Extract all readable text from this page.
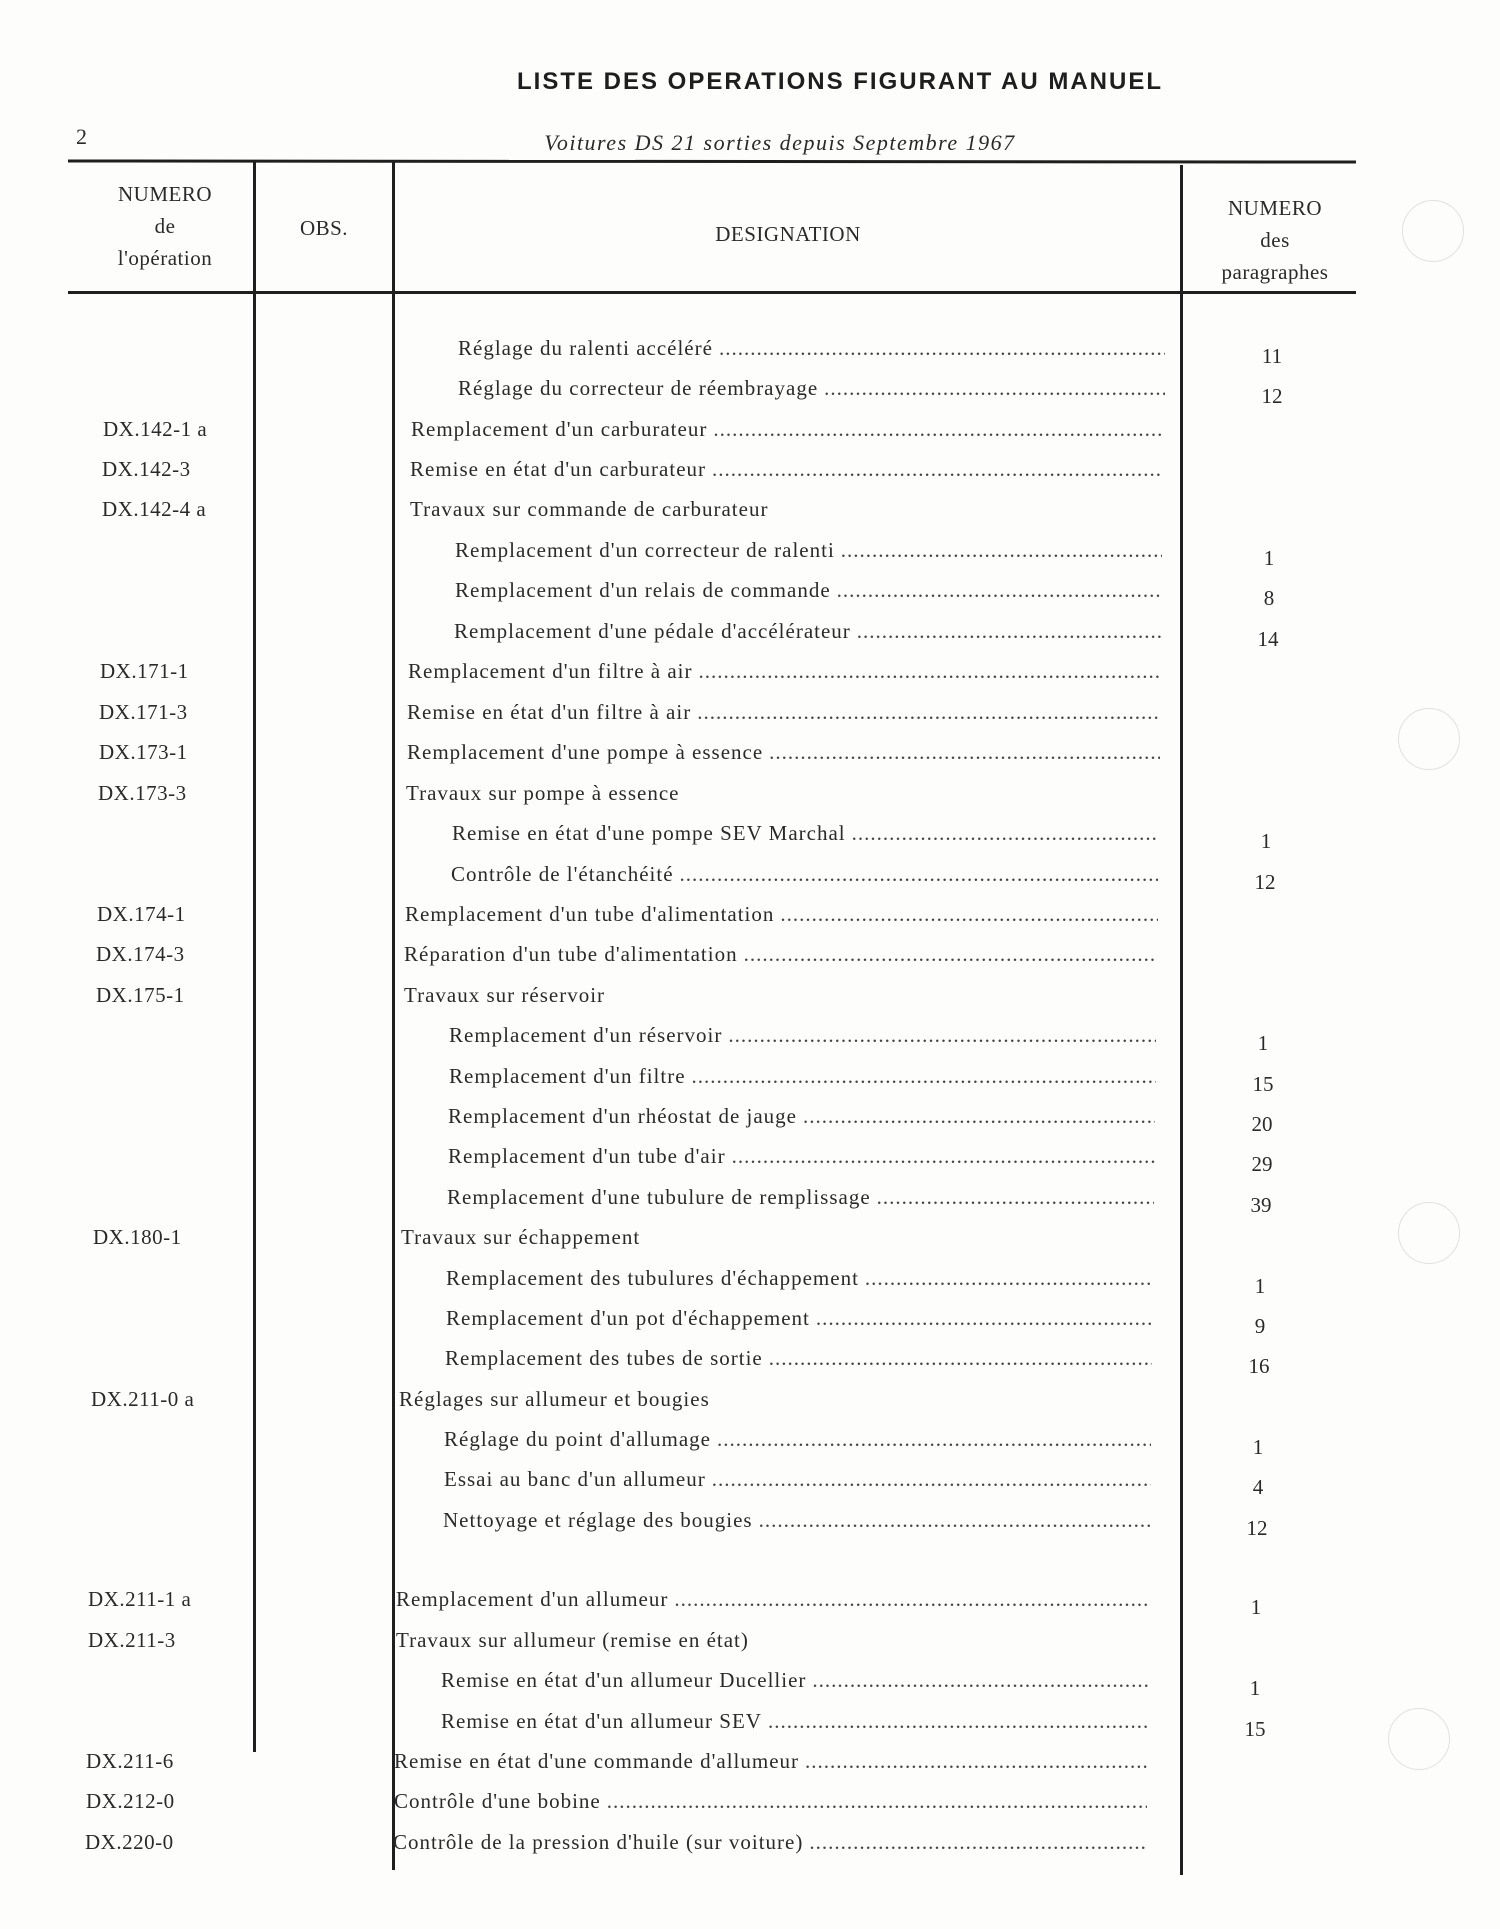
LISTE DES OPERATIONS FIGURANT AU MANUEL
2	Voitures DS 21 sorties depuis Septembre 1967
NUMERO
de
l'opération
OBS.	DESIGNATION
NUMERO
des
paragraphes
Réglage du ralenti accéléré .....	11
Réglage du correcteur de réembrayage .....	12
DX.142-1 a	Remplacement d'un carburateur
.....
DX.142-3	Remise en état d'un carburateur
.....
DX.142-4 a	Travaux sur commande de carburateur
Remplacement d'un correcteur de ralenti .....	1
Remplacement d'un relais de commande .....	8
Remplacement d'une pédale d'accélérateur .....	14
DX.171-1	Remplacement d'un filtre à air
.....
DX.171-3	Remise en état d'un filtre à air
.....
DX.173-1	Remplacement d'une pompe à essence
.....
DX.173-3	Travaux sur pompe à essence
Remise en état d'une pompe SEV Marchal .....	1
Contrôle de l'étanchéité .....	12
DX.174-1	Remplacement d'un tube d'alimentation
.....
DX.174-3	Réparation d'un tube d'alimentation
.....
DX.175-1	Travaux sur réservoir
Remplacement d'un réservoir .....	1
Remplacement d'un filtre .....	15
Remplacement d'un rhéostat de jauge .....	20
Remplacement d'un tube d'air .....	29
Remplacement d'une tubulure de remplissage .....	39
DX.180-1	Travaux sur échappement
Remplacement des tubulures d'échappement .....	1
Remplacement d'un pot d'échappement .....	9
Remplacement des tubes de sortie .....	16
DX.211-0 a	Réglages sur allumeur et bougies
Réglage du point d'allumage .....	1
Essai au banc d'un allumeur .....	4
Nettoyage et réglage des bougies .....	12
DX.211-1 a	Remplacement d'un allumeur .....	1
DX.211-3	Travaux sur allumeur (remise en état)
Remise en état d'un allumeur Ducellier .....	1
Remise en état d'un allumeur SEV .....	15
DX.211-6	Remise en état d'une commande d'allumeur
.....
DX.212-0	Contrôle d'une bobine
.....
DX.220-0	Contrôle de la pression d'huile (sur voiture)
.....
